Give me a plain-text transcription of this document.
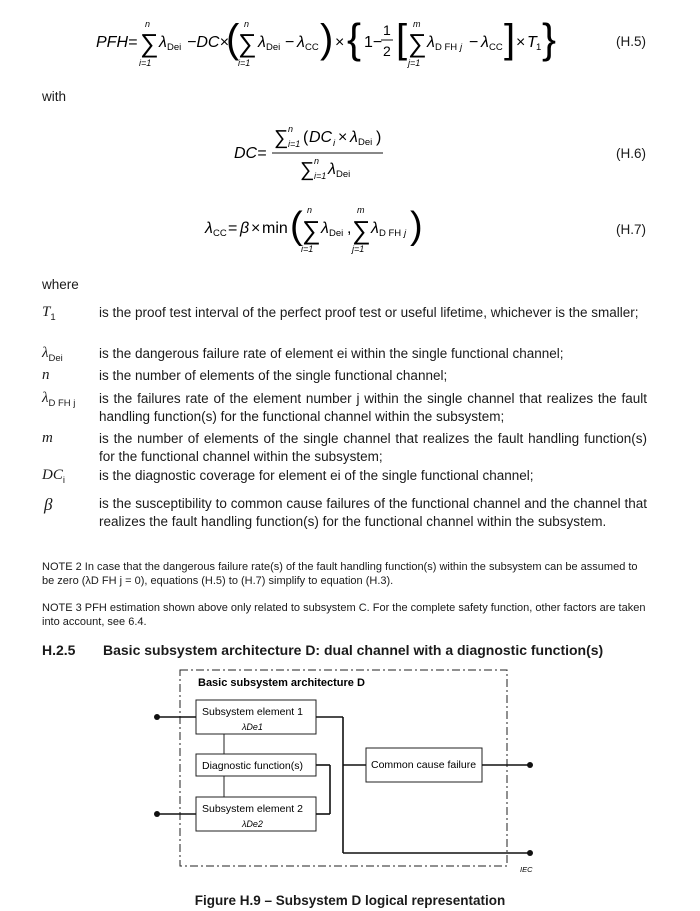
PFH=
n
∑
i=1
λ Dei −DC×
( n
∑
i=1
λ Dei − λ CC ) × { 1−
1
2 [ m
∑
j=1
λ D FH j − λ CC ] × T 1 }	(H.5)
with
DC=
∑ n
i=1 ( DC i × λ Dei )
∑ n
i=1 λ Dei
(H.6)
λ CC = β × min ( n
∑
i=1
λ Dei ,
m
∑
j=1
λ D FH j )	(H.7)
where
$T_1$	is the proof test interval of the perfect proof test or useful lifetime, whichever is the smaller;
$\lambda_{Dei}$	is the dangerous failure rate of element ei within the single functional channel;
n	is the number of elements of the single functional channel;
$\lambda_{D FH j}$ is the failures rate of the element number j within the single channel that realizes the fault handling function(s) for the functional channel within the subsystem;
m	is the number of elements of the single channel that realizes the fault handling function(s) for the functional channel within the subsystem;
$DC_i$	is the diagnostic coverage for element ei of the single functional channel;
β	is the susceptibility to common cause failures of the functional channel and the channel that realizes the fault handling function(s) for the functional channel within the subsystem.
NOTE 2 In case that the dangerous failure rate(s) of the fault handling function(s) within the subsystem can be assumed to be zero (λD FH j = 0), equations (H.5) to (H.7) simplify to equation (H.3).
NOTE 3 PFH estimation shown above only related to subsystem C. For the complete safety function, other factors are taken into account, see 6.4.
H.2.5 Basic subsystem architecture D: dual channel with a diagnostic function(s)
Basic subsystem architecture D
Subsystem element 1
λDe1
Diagnostic function(s)
Subsystem element 2
λDe2
Common cause failure
IEC
Figure H.9 – Subsystem D logical representation
